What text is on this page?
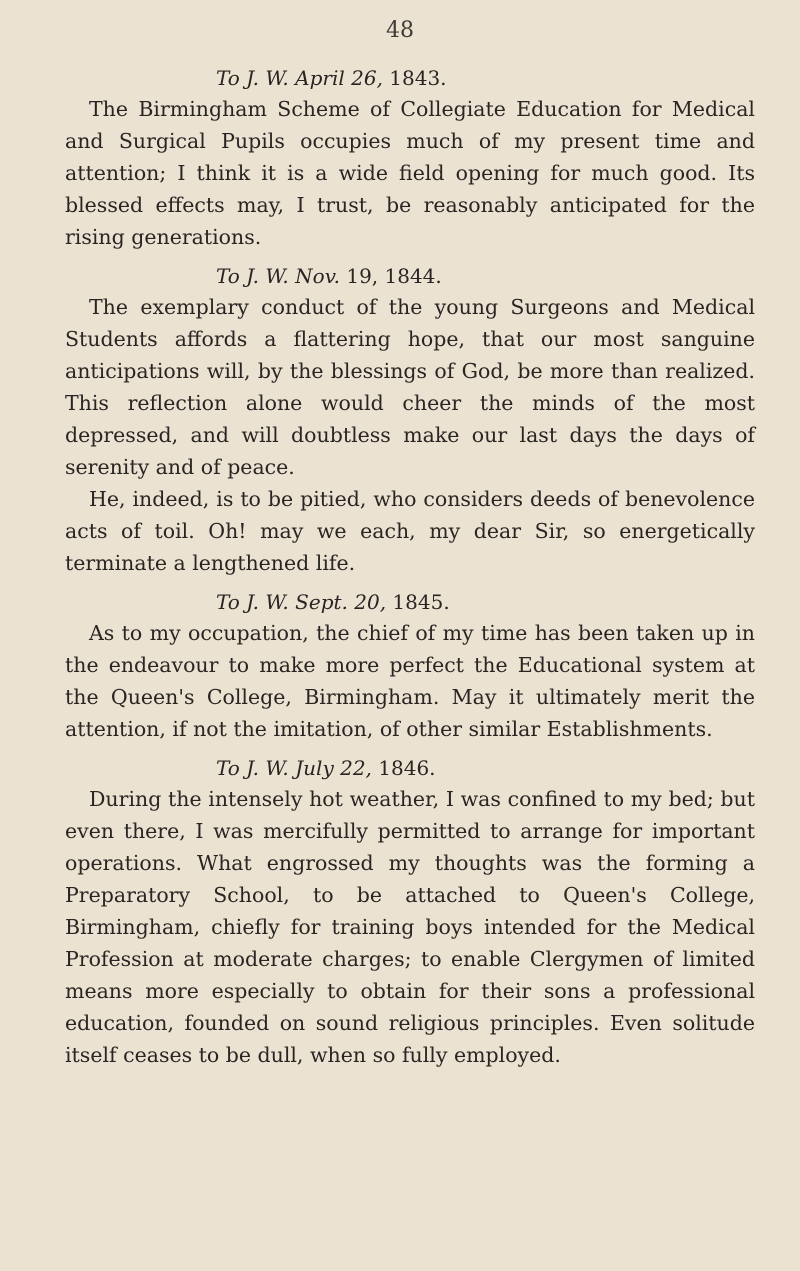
48
To J. W. April 26, 1843.

The Birmingham Scheme of Collegiate Education for Medical and Surgical Pupils occupies much of my present time and attention; I think it is a wide field opening for much good. Its blessed effects may, I trust, be reasonably anticipated for the rising generations.

To J. W. Nov. 19, 1844.

The exemplary conduct of the young Surgeons and Medical Students affords a flattering hope, that our most sanguine anticipations will, by the blessings of God, be more than realized. This reflection alone would cheer the minds of the most depressed, and will doubtless make our last days the days of serenity and of peace.

He, indeed, is to be pitied, who considers deeds of benevolence acts of toil. Oh! may we each, my dear Sir, so energetically terminate a lengthened life.

To J. W. Sept. 20, 1845.

As to my occupation, the chief of my time has been taken up in the endeavour to make more perfect the Educational system at the Queen's College, Birmingham. May it ultimately merit the attention, if not the imitation, of other similar Establishments.

To J. W. July 22, 1846.

During the intensely hot weather, I was confined to my bed; but even there, I was mercifully permitted to arrange for important operations. What engrossed my thoughts was the forming a Preparatory School, to be attached to Queen's College, Birmingham, chiefly for training boys intended for the Medical Profession at moderate charges; to enable Clergymen of limited means more especially to obtain for their sons a professional education, founded on sound religious principles. Even solitude itself ceases to be dull, when so fully employed.
